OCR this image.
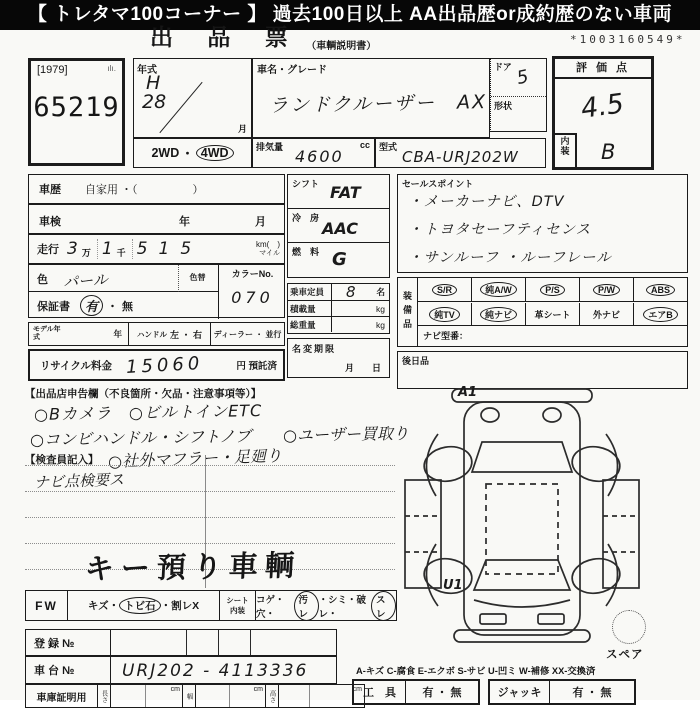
【 トレタマ100コーナー 】 過去100日以上 AA出品歴or成約歴のない車両
出 品 票 $^{(車輌説明書)}$
*1003160549*
[1979]	ılı.
65219
年式
H
28
月
2WD ・ 4WD
車名・グレード
ランドクルーザー　AX
排気量	cc
4600	型式
CBA-URJ202W
ドア 5
形状
評 価 点
4.5
内装	B
車歴	自家用 ・（　　　　　）
車検	年	月
走行 3 万 1 千 515	km(　)
マイル
色 パール	色替	カラーNo.
070
保証書	有 ・ 無
モデル年式	年	ハンドル 左 ・ 右 ディーラー ・ 並行
リサイクル料金 15060	円 預託済
シフト FAT
冷　房
AAC
燃　料 G
乗車定員	8 名
積載量	kg
総重量	kg
名変期限
月　　日
セールスポイント
・メーカーナビ、DTV
・トヨタセーフティセンス
・サンルーフ ・ルーフレール
装備品
S/R	純A/W	P/S	P/W	ABS
純TV	純ナビ	革シート 外ナビ	エアB
ナビ型番：
後日品
【出品店申告欄（不良箇所・欠品・注意事項等）】
○Bカメラ　○ビルトインETC
○コンビハンドル・シフトノブ　　○ユーザー買取り
【検査員記入】 ○社外マフラー・足廻り
ナビ点検要ス
キー預り車輌
FW	キズ・ トビ石 ・割レX	シート内装
コゲ・穴・
汚レ
・シミ・破レ・
スレ
登 録 №
車 台 №	URJ202 - 4113336
車庫証明用 長さ	cm
幅
cm 高さ	cm
A1
U1
スペア
A-キズ C-腐食 E-エクボ S-サビ U-凹ミ W-補修 XX-交換済
工　具	有 ・ 無	ジャッキ	有 ・ 無
